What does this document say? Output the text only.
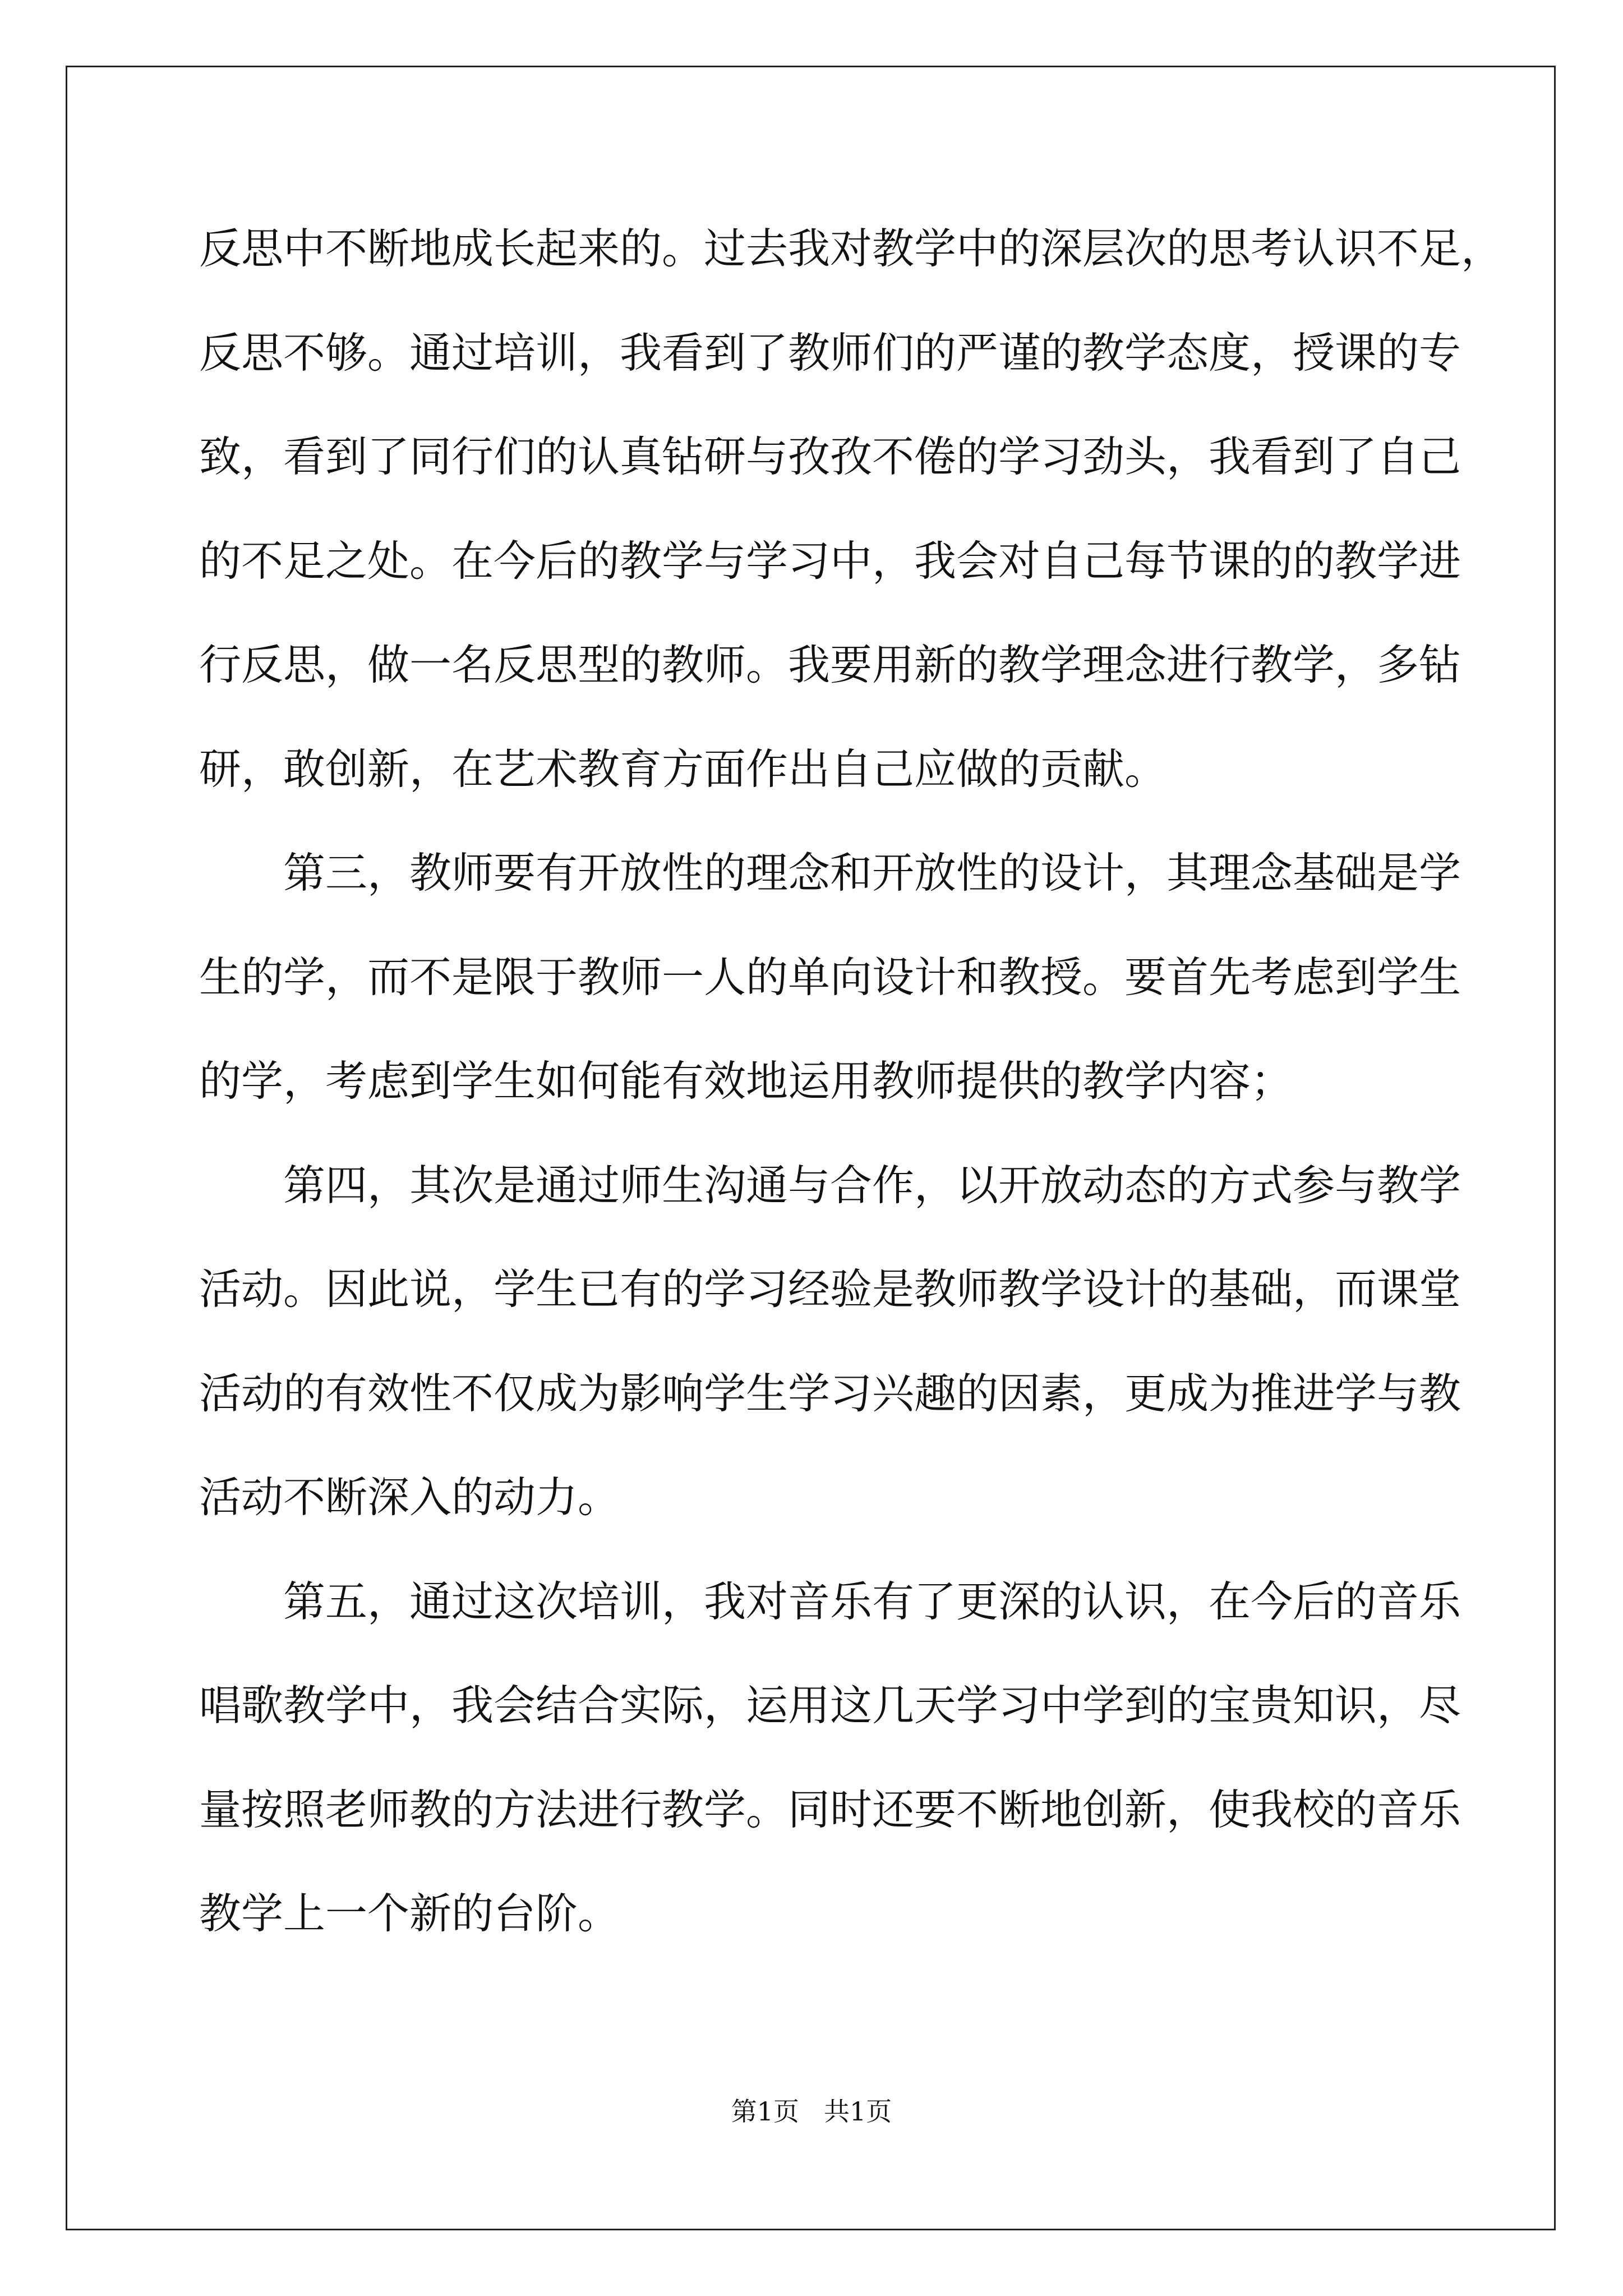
反思中不断地成长起来的。过去我对教学中的深层次的思考认识不足，
反思不够。通过培训，我看到了教师们的严谨的教学态度，授课的专
致，看到了同行们的认真钻研与孜孜不倦的学习劲头，我看到了自己
的不足之处。在今后的教学与学习中，我会对自己每节课的的教学进
行反思，做一名反思型的教师。我要用新的教学理念进行教学，多钻
研，敢创新，在艺术教育方面作出自己应做的贡献。
　　第三，教师要有开放性的理念和开放性的设计，其理念基础是学
生的学，而不是限于教师一人的单向设计和教授。要首先考虑到学生
的学，考虑到学生如何能有效地运用教师提供的教学内容；
　　第四，其次是通过师生沟通与合作，以开放动态的方式参与教学
活动。因此说，学生已有的学习经验是教师教学设计的基础，而课堂
活动的有效性不仅成为影响学生学习兴趣的因素，更成为推进学与教
活动不断深入的动力。
　　第五，通过这次培训，我对音乐有了更深的认识，在今后的音乐
唱歌教学中，我会结合实际，运用这几天学习中学到的宝贵知识，尽
量按照老师教的方法进行教学。同时还要不断地创新，使我校的音乐
教学上一个新的台阶。
第1页 共1页
